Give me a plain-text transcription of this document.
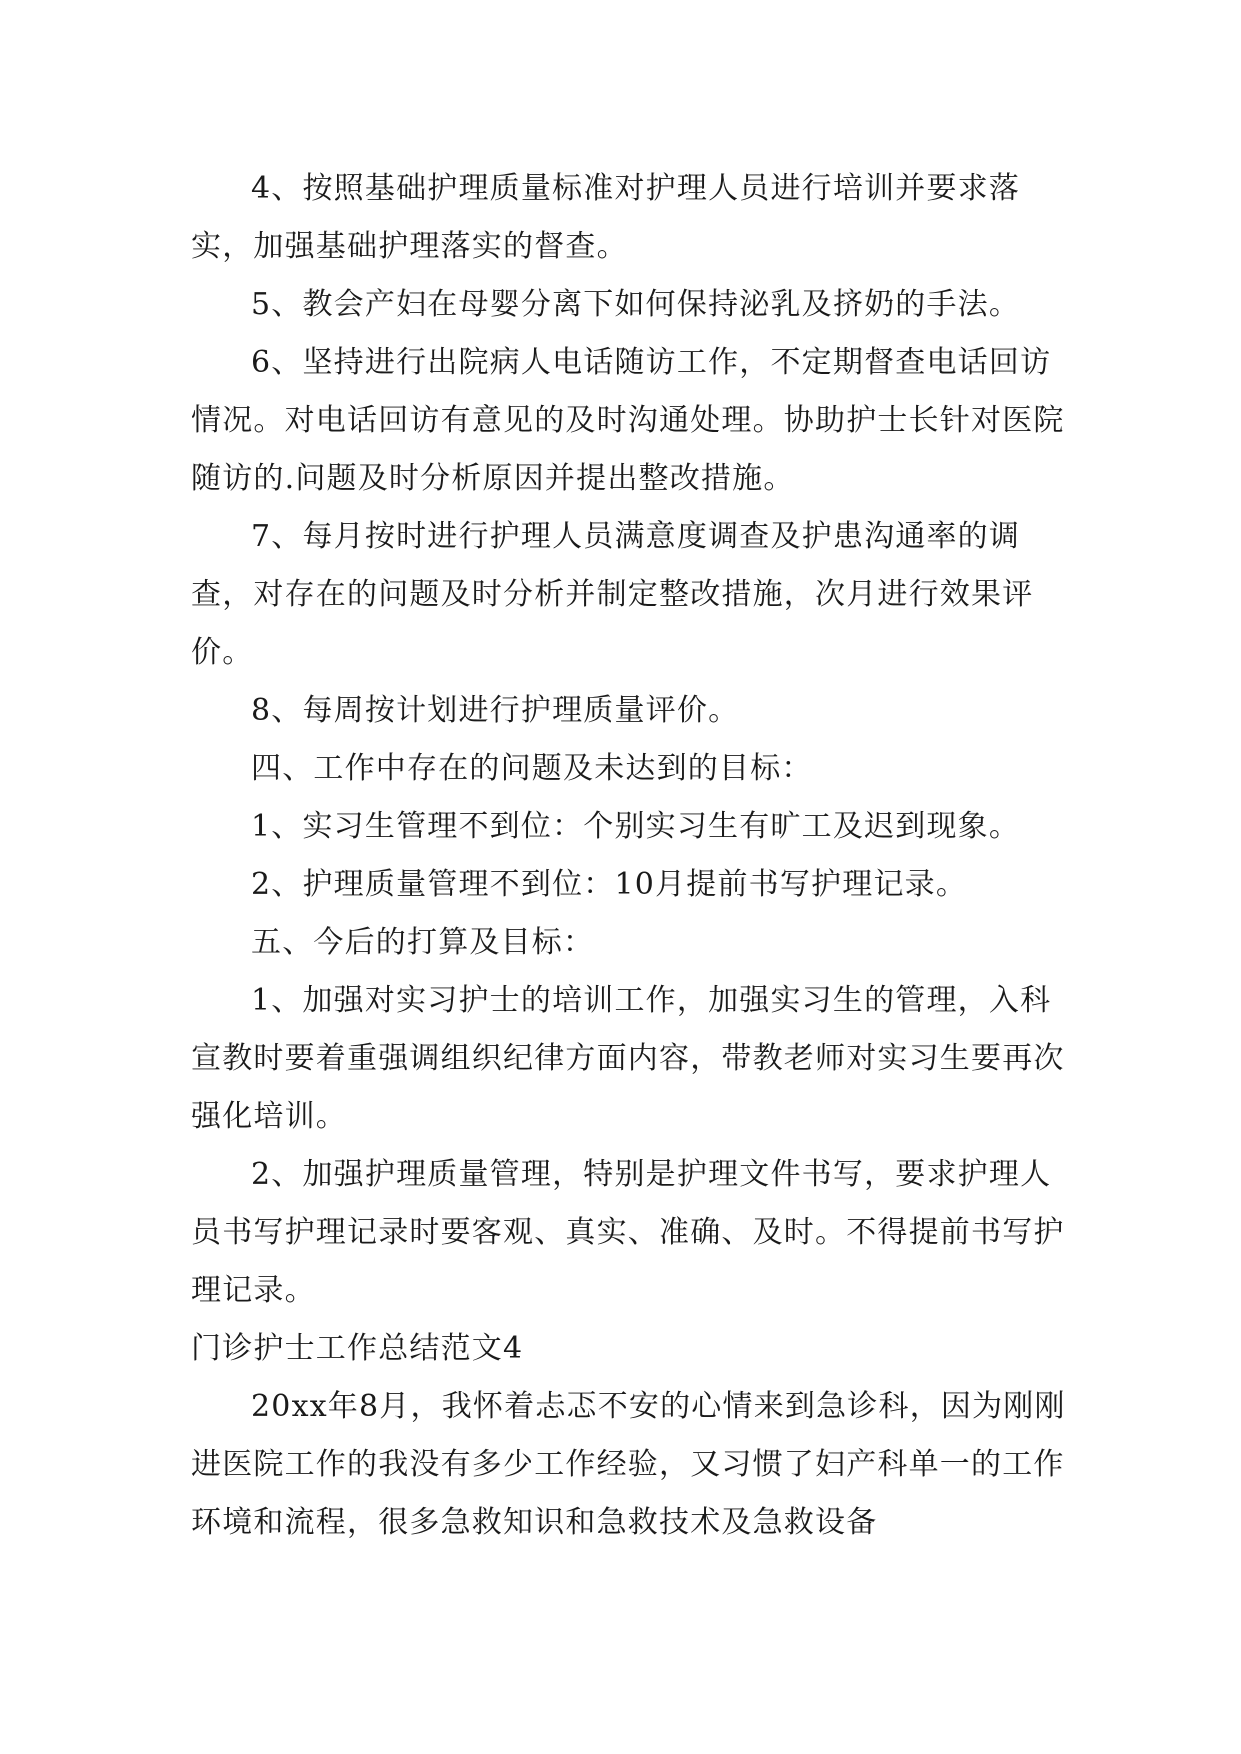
4、按照基础护理质量标准对护理人员进行培训并要求落实，加强基础护理落实的督查。

5、教会产妇在母婴分离下如何保持泌乳及挤奶的手法。

6、坚持进行出院病人电话随访工作，不定期督查电话回访情况。对电话回访有意见的及时沟通处理。协助护士长针对医院随访的.问题及时分析原因并提出整改措施。

7、每月按时进行护理人员满意度调查及护患沟通率的调查，对存在的问题及时分析并制定整改措施，次月进行效果评价。

8、每周按计划进行护理质量评价。

四、工作中存在的问题及未达到的目标：

1、实习生管理不到位：个别实习生有旷工及迟到现象。

2、护理质量管理不到位：10月提前书写护理记录。

五、今后的打算及目标：

1、加强对实习护士的培训工作，加强实习生的管理，入科宣教时要着重强调组织纪律方面内容，带教老师对实习生要再次强化培训。

2、加强护理质量管理，特别是护理文件书写，要求护理人员书写护理记录时要客观、真实、准确、及时。不得提前书写护理记录。

门诊护士工作总结范文4

20xx年8月，我怀着忐忑不安的心情来到急诊科，因为刚刚进医院工作的我没有多少工作经验，又习惯了妇产科单一的工作环境和流程，很多急救知识和急救技术及急救设备
